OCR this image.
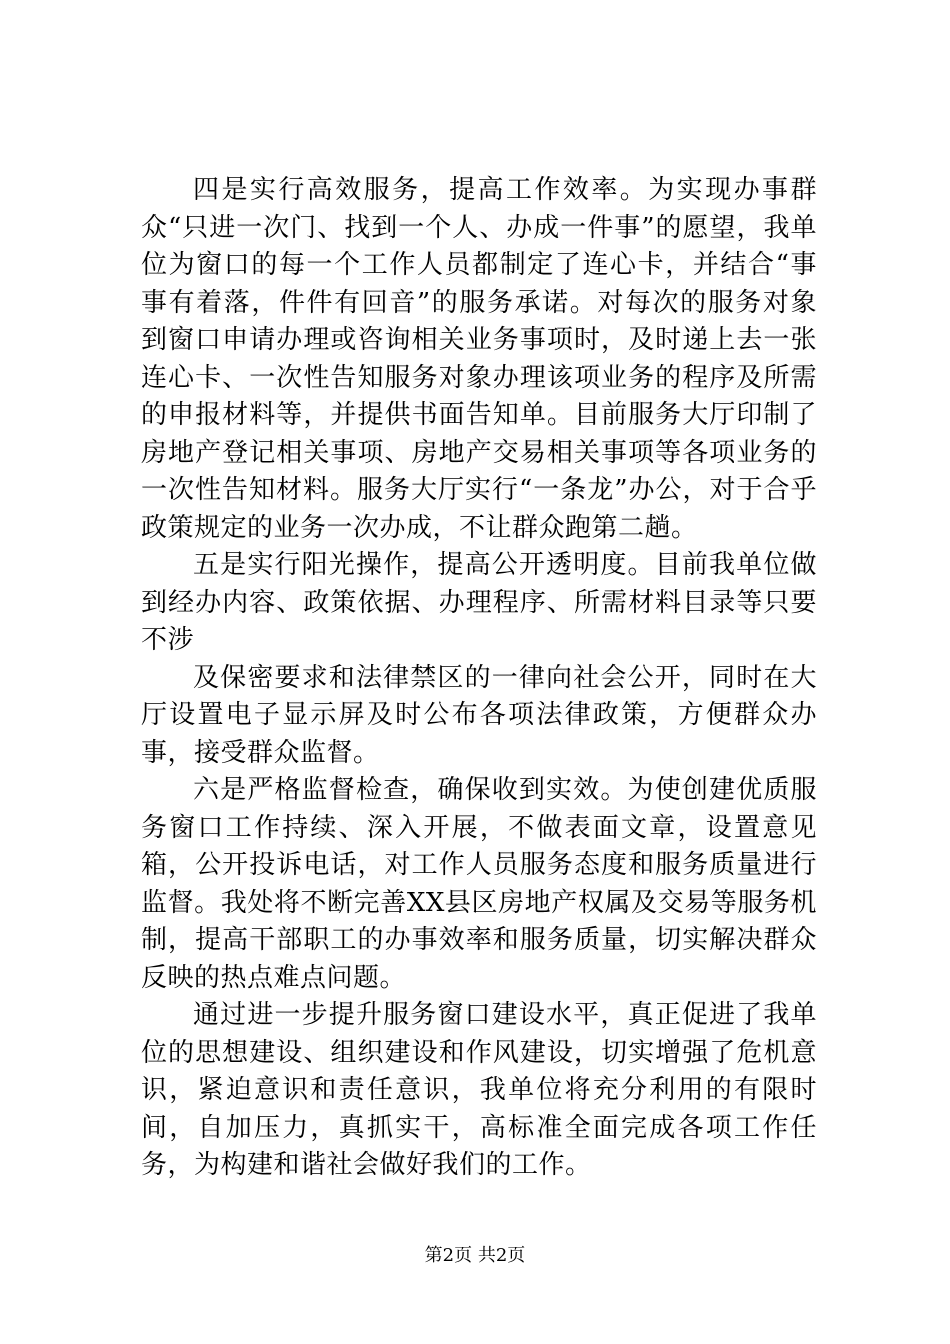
四是实行高效服务，提高工作效率。为实现办事群众“只进一次门、找到一个人、办成一件事”的愿望，我单位为窗口的每一个工作人员都制定了连心卡，并结合“事事有着落，件件有回音”的服务承诺。对每次的服务对象到窗口申请办理或咨询相关业务事项时，及时递上去一张连心卡、一次性告知服务对象办理该项业务的程序及所需的申报材料等，并提供书面告知单。目前服务大厅印制了房地产登记相关事项、房地产交易相关事项等各项业务的一次性告知材料。服务大厅实行“一条龙”办公，对于合乎政策规定的业务一次办成，不让群众跑第二趟。

五是实行阳光操作，提高公开透明度。目前我单位做到经办内容、政策依据、办理程序、所需材料目录等只要不涉

及保密要求和法律禁区的一律向社会公开，同时在大厅设置电子显示屏及时公布各项法律政策，方便群众办事，接受群众监督。

六是严格监督检查，确保收到实效。为使创建优质服务窗口工作持续、深入开展，不做表面文章，设置意见箱，公开投诉电话，对工作人员服务态度和服务质量进行监督。我处将不断完善XX县区房地产权属及交易等服务机制，提高干部职工的办事效率和服务质量，切实解决群众反映的热点难点问题。

通过进一步提升服务窗口建设水平，真正促进了我单位的思想建设、组织建设和作风建设，切实增强了危机意识，紧迫意识和责任意识，我单位将充分利用的有限时间，自加压力，真抓实干，高标准全面完成各项工作任务，为构建和谐社会做好我们的工作。

第2页 共2页
